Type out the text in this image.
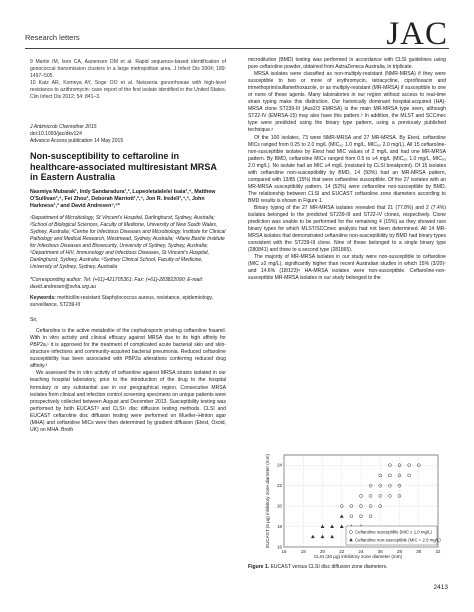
Research letters	JAC

9 Martin IM, Ison CA, Aanensen DM et al. Rapid sequence-based identification of gonococcal transmission clusters in a large metropolitan area. J Infect Dis 2004; 189: 1497–505.

10 Katz AR, Komeya AY, Soge OO et al. Neisseria gonorrhoeae with high-level resistance to azithromycin: case report of the first isolate identified in the United States. Clin Infect Dis 2012; 54: 841–3.

J Antimicrob Chemother 2015

doi:10.1093/jac/dkv124

Advance Access publication 14 May 2015

Non-susceptibility to ceftaroline in healthcare-associated multiresistant MRSA in Eastern Australia

Nasmiya Mubarak¹, Indy Sandaradura¹,², Lupeoletalalelei Isaia³,⁴, Matthew O'Sullivan³,⁴, Fei Zhou³, Deborah Marriott¹,²,⁴, Jon R. Iredell³,⁴,⁶, John Harkness¹,² and David Andresen⁵,⁶*

¹Department of Microbiology, St Vincent's Hospital, Darlinghurst, Sydney, Australia; ²School of Biological Sciences, Faculty of Medicine, University of New South Wales, Sydney, Australia; ³Centre for Infectious Diseases and Microbiology, Institute for Clinical Pathology and Medical Research, Westmead, Sydney, Australia; ⁴Marie Bashir Institute for Infectious Diseases and Biosecurity, University of Sydney, Sydney, Australia; ⁵Department of HIV, Immunology and Infectious Diseases, St Vincent's Hospital, Darlinghurst, Sydney, Australia; ⁶Sydney Clinical School, Faculty of Medicine, University of Sydney, Sydney, Australia

*Corresponding author. Tel: (+61)-421705361; Fax: (+61)-283822090; E-mail: david.andresen@svha.org.au

Keywords: methicillin-resistant Staphylococcus aureus, resistance, epidemiology, surveillance, ST239-III

Sir,

Ceftaroline is the active metabolite of the cephalosporin prodrug ceftaroline fosamil. With in vitro activity and clinical efficacy against MRSA due to its high affinity for PBP2a,¹ it is approved for the treatment of complicated acute bacterial skin and skin-structure infections and community-acquired bacterial pneumonia. Reduced ceftaroline susceptibility has been associated with PBP2a alterations conferring reduced drug affinity.²

We assessed the in vitro activity of ceftaroline against MRSA strains isolated in our teaching hospital laboratory, prior to the introduction of the drug to the hospital formulary or any substantial use in our geographical region. Consecutive MRSA isolates from clinical and infection control screening specimens on unique patients were prospectively collected between August and December 2013. Susceptibility testing was performed by both EUCAST³ and CLSI⁴ disc diffusion testing methods. CLSI and EUCAST ceftaroline disc diffusion testing were performed on Mueller–Hinton agar (MHA) and ceftaroline MICs were then determined by gradient diffusion (Etest, Oxoid, UK) on MHA. Broth

microdilution (BMD) testing was performed in accordance with CLSI guidelines using pure ceftaroline powder, obtained from AstraZeneca Australia, in triplicate.

MRSA isolates were classified as non-multiply-resistant (NMR-MRSA) if they were susceptible to two or more of erythromycin, tetracycline, ciprofloxacin and trimethoprim/sulfamethoxazole, or as multiply-resistant (MR-MRSA) if susceptible to one or none of these agents. Many laboratories in our region without access to real-time strain typing make this distinction. Our historically dominant hospital-acquired (HA)-MRSA clone ST239-III (Aus2/3 EMRSA) is the main MR-MRSA type seen, although ST22-IV (EMRSA-15) may also have this pattern.⁵ In addition, the MLST and SCCmec type were predicted using the binary type pattern, using a previously published technique.⁶

Of the 100 isolates, 73 were NMR-MRSA and 27 MR-MRSA. By Etest, ceftaroline MICs ranged from 0.25 to 2.0 mg/L (MIC₅₀ 1.0 mg/L, MIC₉₀ 2.0 mg/L). All 15 ceftaroline-non-susceptible isolates by Etest had MIC values of 2 mg/L and had one MR-MRSA pattern. By BMD, ceftaroline MICs ranged from 0.5 to ≥4 mg/L (MIC₅₀ 1.0 mg/L, MIC₉₀ 2.0 mg/L). No isolate had an MIC ≥4 mg/L (resistant by CLSI breakpoint). Of 15 isolates with ceftaroline non-susceptibility by BMD, 14 (93%) had an MR-MRSA pattern, compared with 13/85 (15%) that were ceftaroline susceptible. Of the 27 isolates with an MR-MRSA susceptibility pattern, 14 (52%) were ceftaroline non-susceptible by BMD. The relationship between CLSI and EUCAST ceftaroline zone diameters according to BMD results is shown in Figure 1.

Binary typing of the 27 MR-MRSA isolates revealed that 21 (77.8%) and 2 (7.4%) isolates belonged to the predicted ST239-III and ST22-IV clones, respectively. Clone prediction was unable to be performed for the remaining 4 (15%) as they showed rare binary types for which MLST/SCCmec analysis had not been determined. All 14 MR-MRSA isolates that demonstrated ceftaroline non-susceptibility by BMD had binary types consistent with the ST239-III clone. Nine of these belonged to a single binary type (280841) and three to a second type (281865).

The majority of MR-MRSA isolates in our study were non-susceptible to ceftaroline (MIC ≥2 mg/L), significantly higher than recent Australian studies in which 15% (3/20)⁷ and 14.6% (18/123)⁸ HA-MRSA isolates were non-susceptible. Ceftaroline-non-susceptible MR-MRSA isolates in our study belonged to the

EUCAST (5 µg) inhibitory zone diameter (mm)
CLSI (30 µg) inhibitory zone diameter (mm)
16	18	20	22	24	26	28	30	32
16
18
20
22
24
Ceftaroline susceptible (MIC ≤ 1.0 mg/L)
Ceftaroline non-susceptible (MIC = 2.0 mg/L)
Figure 1. EUCAST versus CLSI disc diffusion zone diameters.
2413
